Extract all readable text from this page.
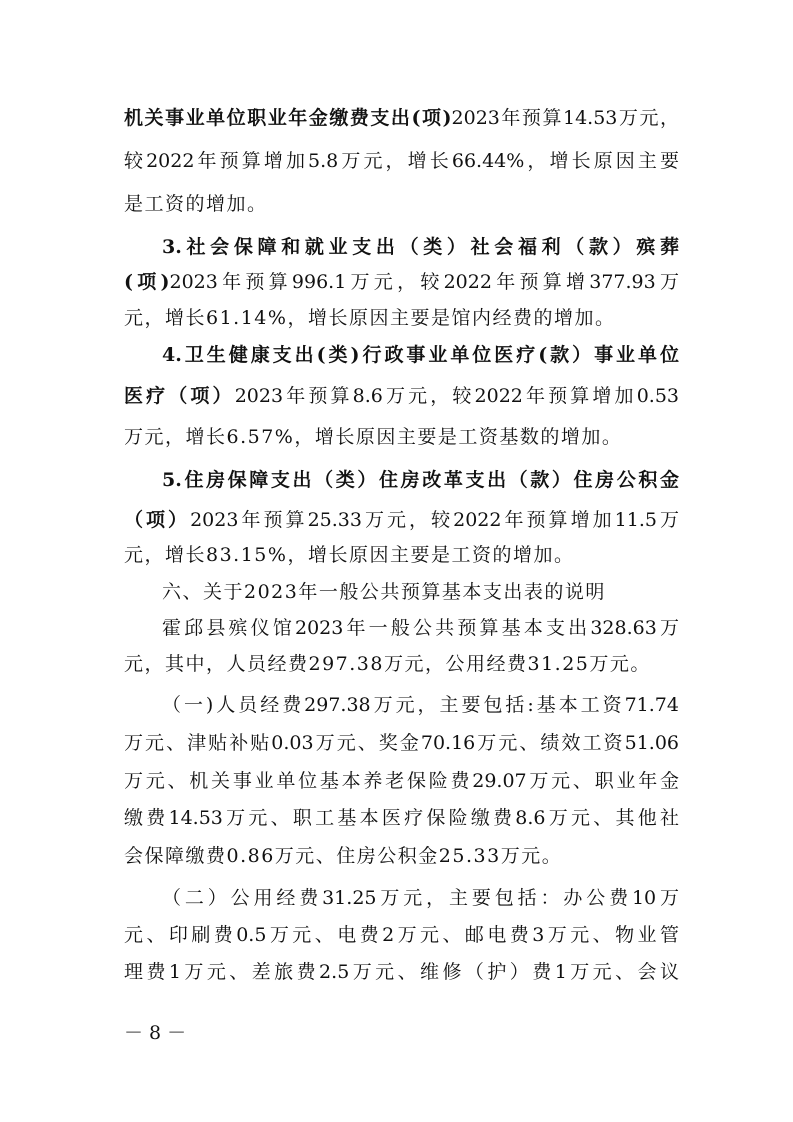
机关事业单位职业年金缴费支出(项)2023年预算14.53万元，
较2022年预算增加5.8万元，增长66.44%，增长原因主要
是工资的增加。
3.社会保障和就业支出（类）社会福利（款）殡葬
(项)2023年预算996.1万元，较2022年预算增377.93万
元，增长61.14%，增长原因主要是馆内经费的增加。
4.卫生健康支出(类)行政事业单位医疗(款）事业单位
医疗（项）2023年预算8.6万元，较2022年预算增加0.53
万元，增长6.57%，增长原因主要是工资基数的增加。
5.住房保障支出（类）住房改革支出（款）住房公积金
（项）2023年预算25.33万元，较2022年预算增加11.5万
元，增长83.15%，增长原因主要是工资的增加。
六、关于2023年一般公共预算基本支出表的说明
霍邱县殡仪馆2023年一般公共预算基本支出328.63万
元，其中，人员经费297.38万元，公用经费31.25万元。
（一)人员经费297.38万元，主要包括:基本工资71.74
万元、津贴补贴0.03万元、奖金70.16万元、绩效工资51.06
万元、机关事业单位基本养老保险费29.07万元、职业年金
缴费14.53万元、职工基本医疗保险缴费8.6万元、其他社
会保障缴费0.86万元、住房公积金25.33万元。
（二）公用经费31.25万元，主要包括：办公费10万
元、印刷费0.5万元、电费2万元、邮电费3万元、物业管
理费1万元、差旅费2.5万元、维修（护）费1万元、会议
－ 8 －
